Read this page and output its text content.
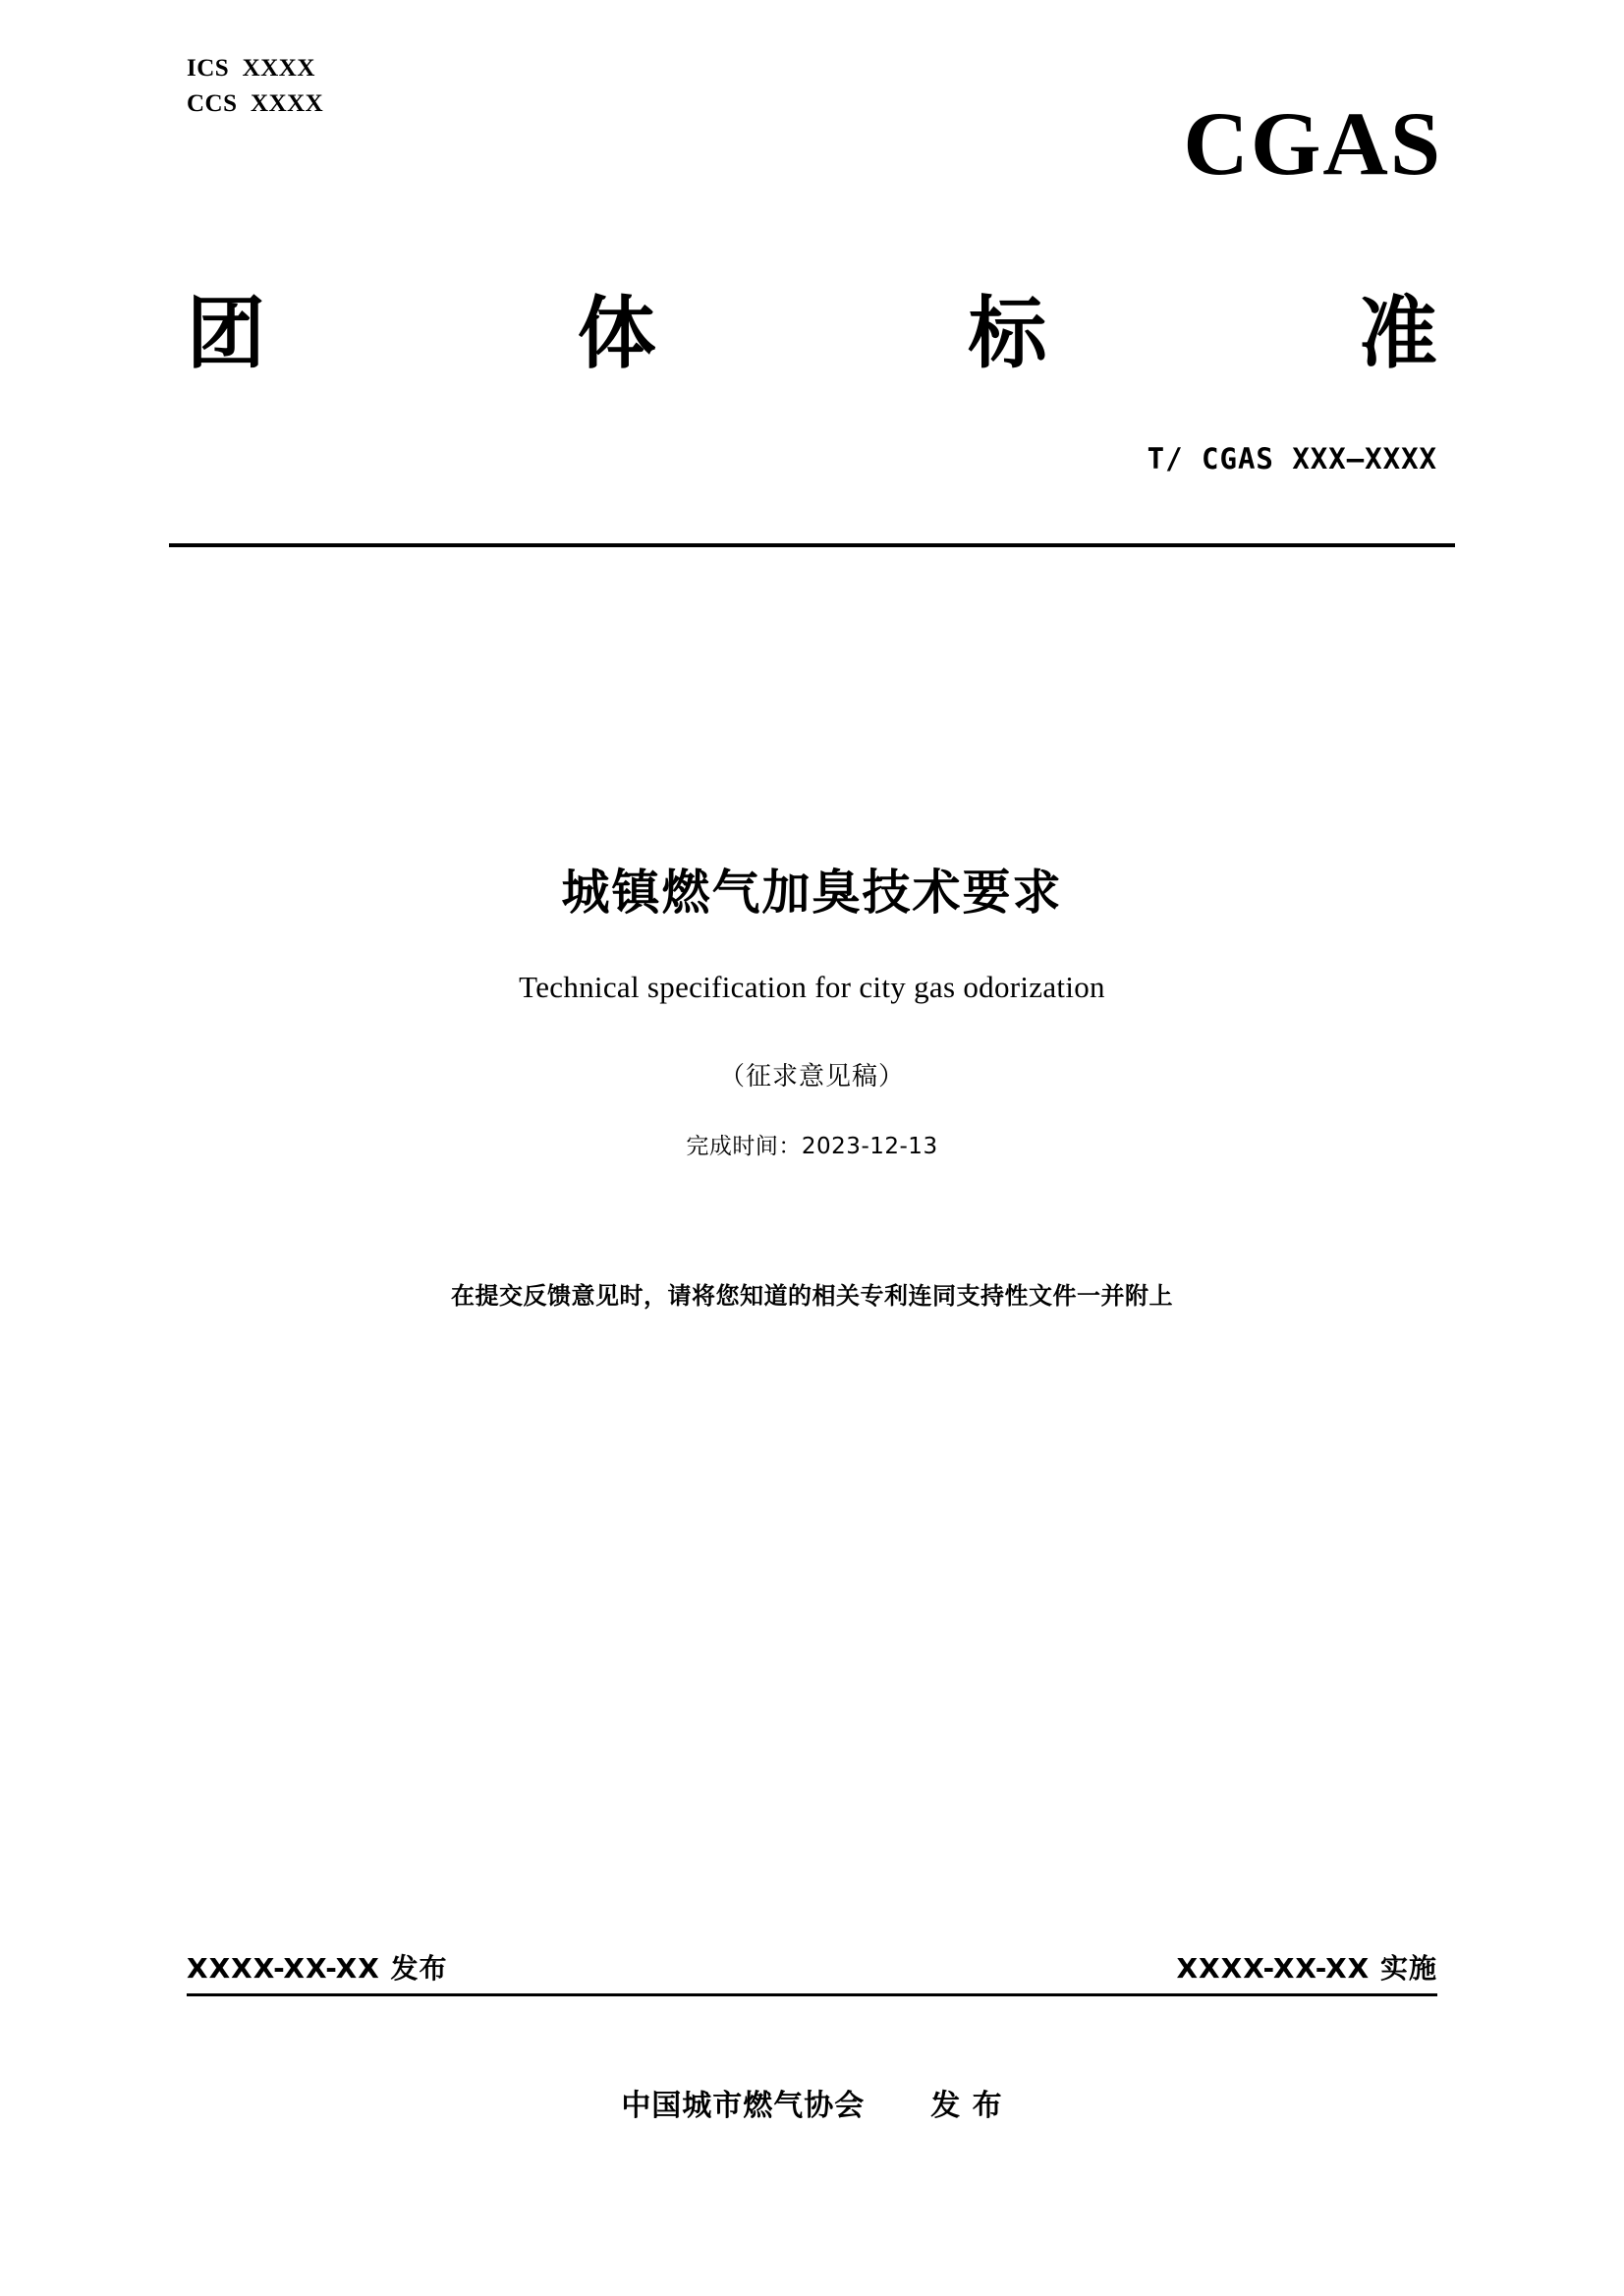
ICS  XXXX
CCS  XXXX	CGAS
团	体	标	准
T/ CGAS XXX—XXXX
城镇燃气加臭技术要求
Technical specification for city gas odorization
（征求意见稿）
完成时间：2023-12-13
在提交反馈意见时，请将您知道的相关专利连同支持性文件一并附上
XXXX-XX-XX 发布	XXXX-XX-XX 实施
中国城市燃气协会 发 布
